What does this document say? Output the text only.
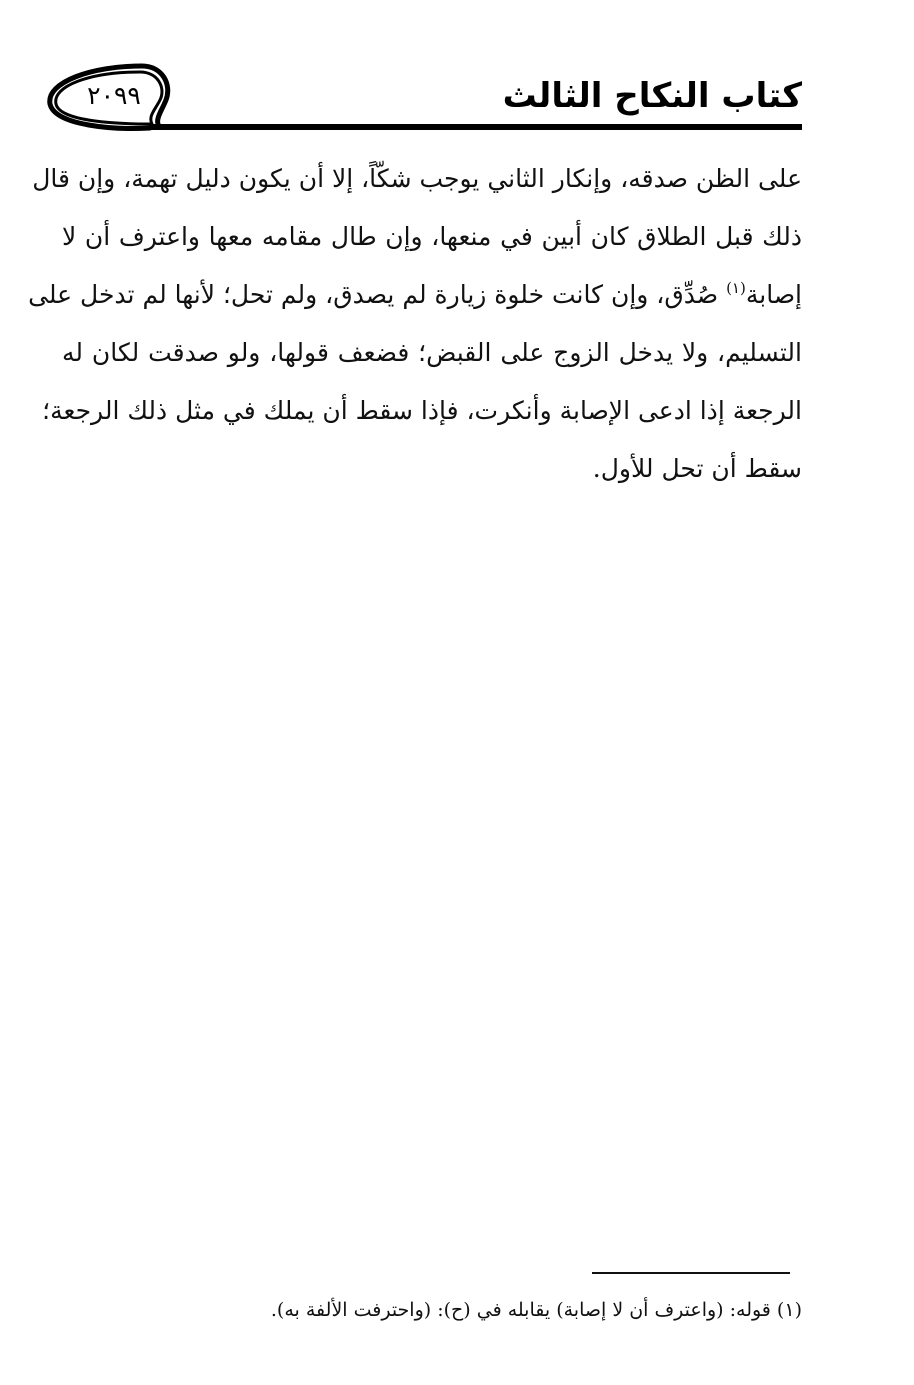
كتاب النكاح الثالث
٢٠٩٩
على الظن صدقه، وإنكار الثاني يوجب شكّاً، إلا أن يكون دليل تهمة، وإن قال
ذلك قبل الطلاق كان أبين في منعها، وإن طال مقامه معها واعترف أن لا
إصابة$^{(١)}$ صُدِّق، وإن كانت خلوة زيارة لم يصدق، ولم تحل؛ لأنها لم تدخل على
التسليم، ولا يدخل الزوج على القبض؛ فضعف قولها، ولو صدقت لكان له
الرجعة إذا ادعى الإصابة وأنكرت، فإذا سقط أن يملك في مثل ذلك الرجعة؛
سقط أن تحل للأول.
(١) قوله: (واعترف أن لا إصابة) يقابله في (ح): (واحترفت الألفة به).
